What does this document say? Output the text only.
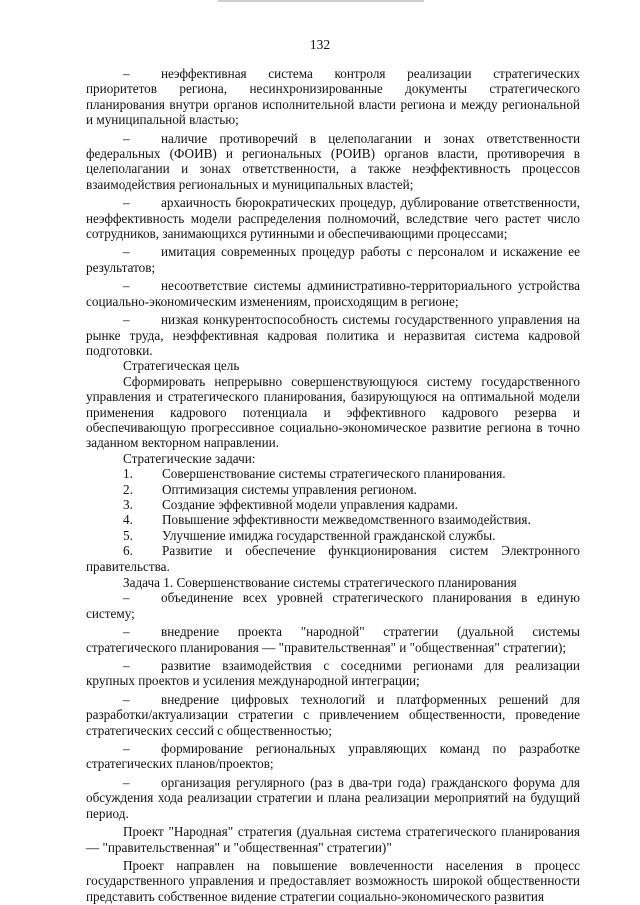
132

– неэффективная система контроля реализации стратегических приоритетов региона, несинхронизированные документы стратегического планирования внутри органов исполнительной власти региона и между региональной и муниципальной властью;

– наличие противоречий в целеполагании и зонах ответственности федеральных (ФОИВ) и региональных (РОИВ) органов власти, противоречия в целеполагании и зонах ответственности, а также неэффективность процессов взаимодействия региональных и муниципальных властей;

– архаичность бюрократических процедур, дублирование ответственности, неэффективность модели распределения полномочий, вследствие чего растет число сотрудников, занимающихся рутинными и обеспечивающими процессами;

– имитация современных процедур работы с персоналом и искажение ее результатов;

– несоответствие системы административно-территориального устройства социально-экономическим изменениям, происходящим в регионе;

– низкая конкурентоспособность системы государственного управления на рынке труда, неэффективная кадровая политика и неразвитая система кадровой подготовки.

Стратегическая цель

Сформировать непрерывно совершенствующуюся систему государственного управления и стратегического планирования, базирующуюся на оптимальной модели применения кадрового потенциала и эффективного кадрового резерва и обеспечивающую прогрессивное социально-экономическое развитие региона в точно заданном векторном направлении.

Стратегические задачи:

1. Совершенствование системы стратегического планирования.

2. Оптимизация системы управления регионом.

3. Создание эффективной модели управления кадрами.

4. Повышение эффективности межведомственного взаимодействия.

5. Улучшение имиджа государственной гражданской службы.

6. Развитие и обеспечение функционирования систем Электронного правительства.

Задача 1. Совершенствование системы стратегического планирования

– объединение всех уровней стратегического планирования в единую систему;

– внедрение проекта "народной" стратегии (дуальной системы стратегического планирования — "правительственная" и "общественная" стратегии);

– развитие взаимодействия с соседними регионами для реализации крупных проектов и усиления международной интеграции;

– внедрение цифровых технологий и платформенных решений для разработки/актуализации стратегии с привлечением общественности, проведение стратегических сессий с общественностью;

– формирование региональных управляющих команд по разработке стратегических планов/проектов;

– организация регулярного (раз в два-три года) гражданского форума для обсуждения хода реализации стратегии и плана реализации мероприятий на будущий период.

Проект "Народная" стратегия (дуальная система стратегического планирования — "правительственная" и "общественная" стратегии)"

Проект направлен на повышение вовлеченности населения в процесс государственного управления и предоставляет возможность широкой общественности представить собственное видение стратегии социально-экономического развития
